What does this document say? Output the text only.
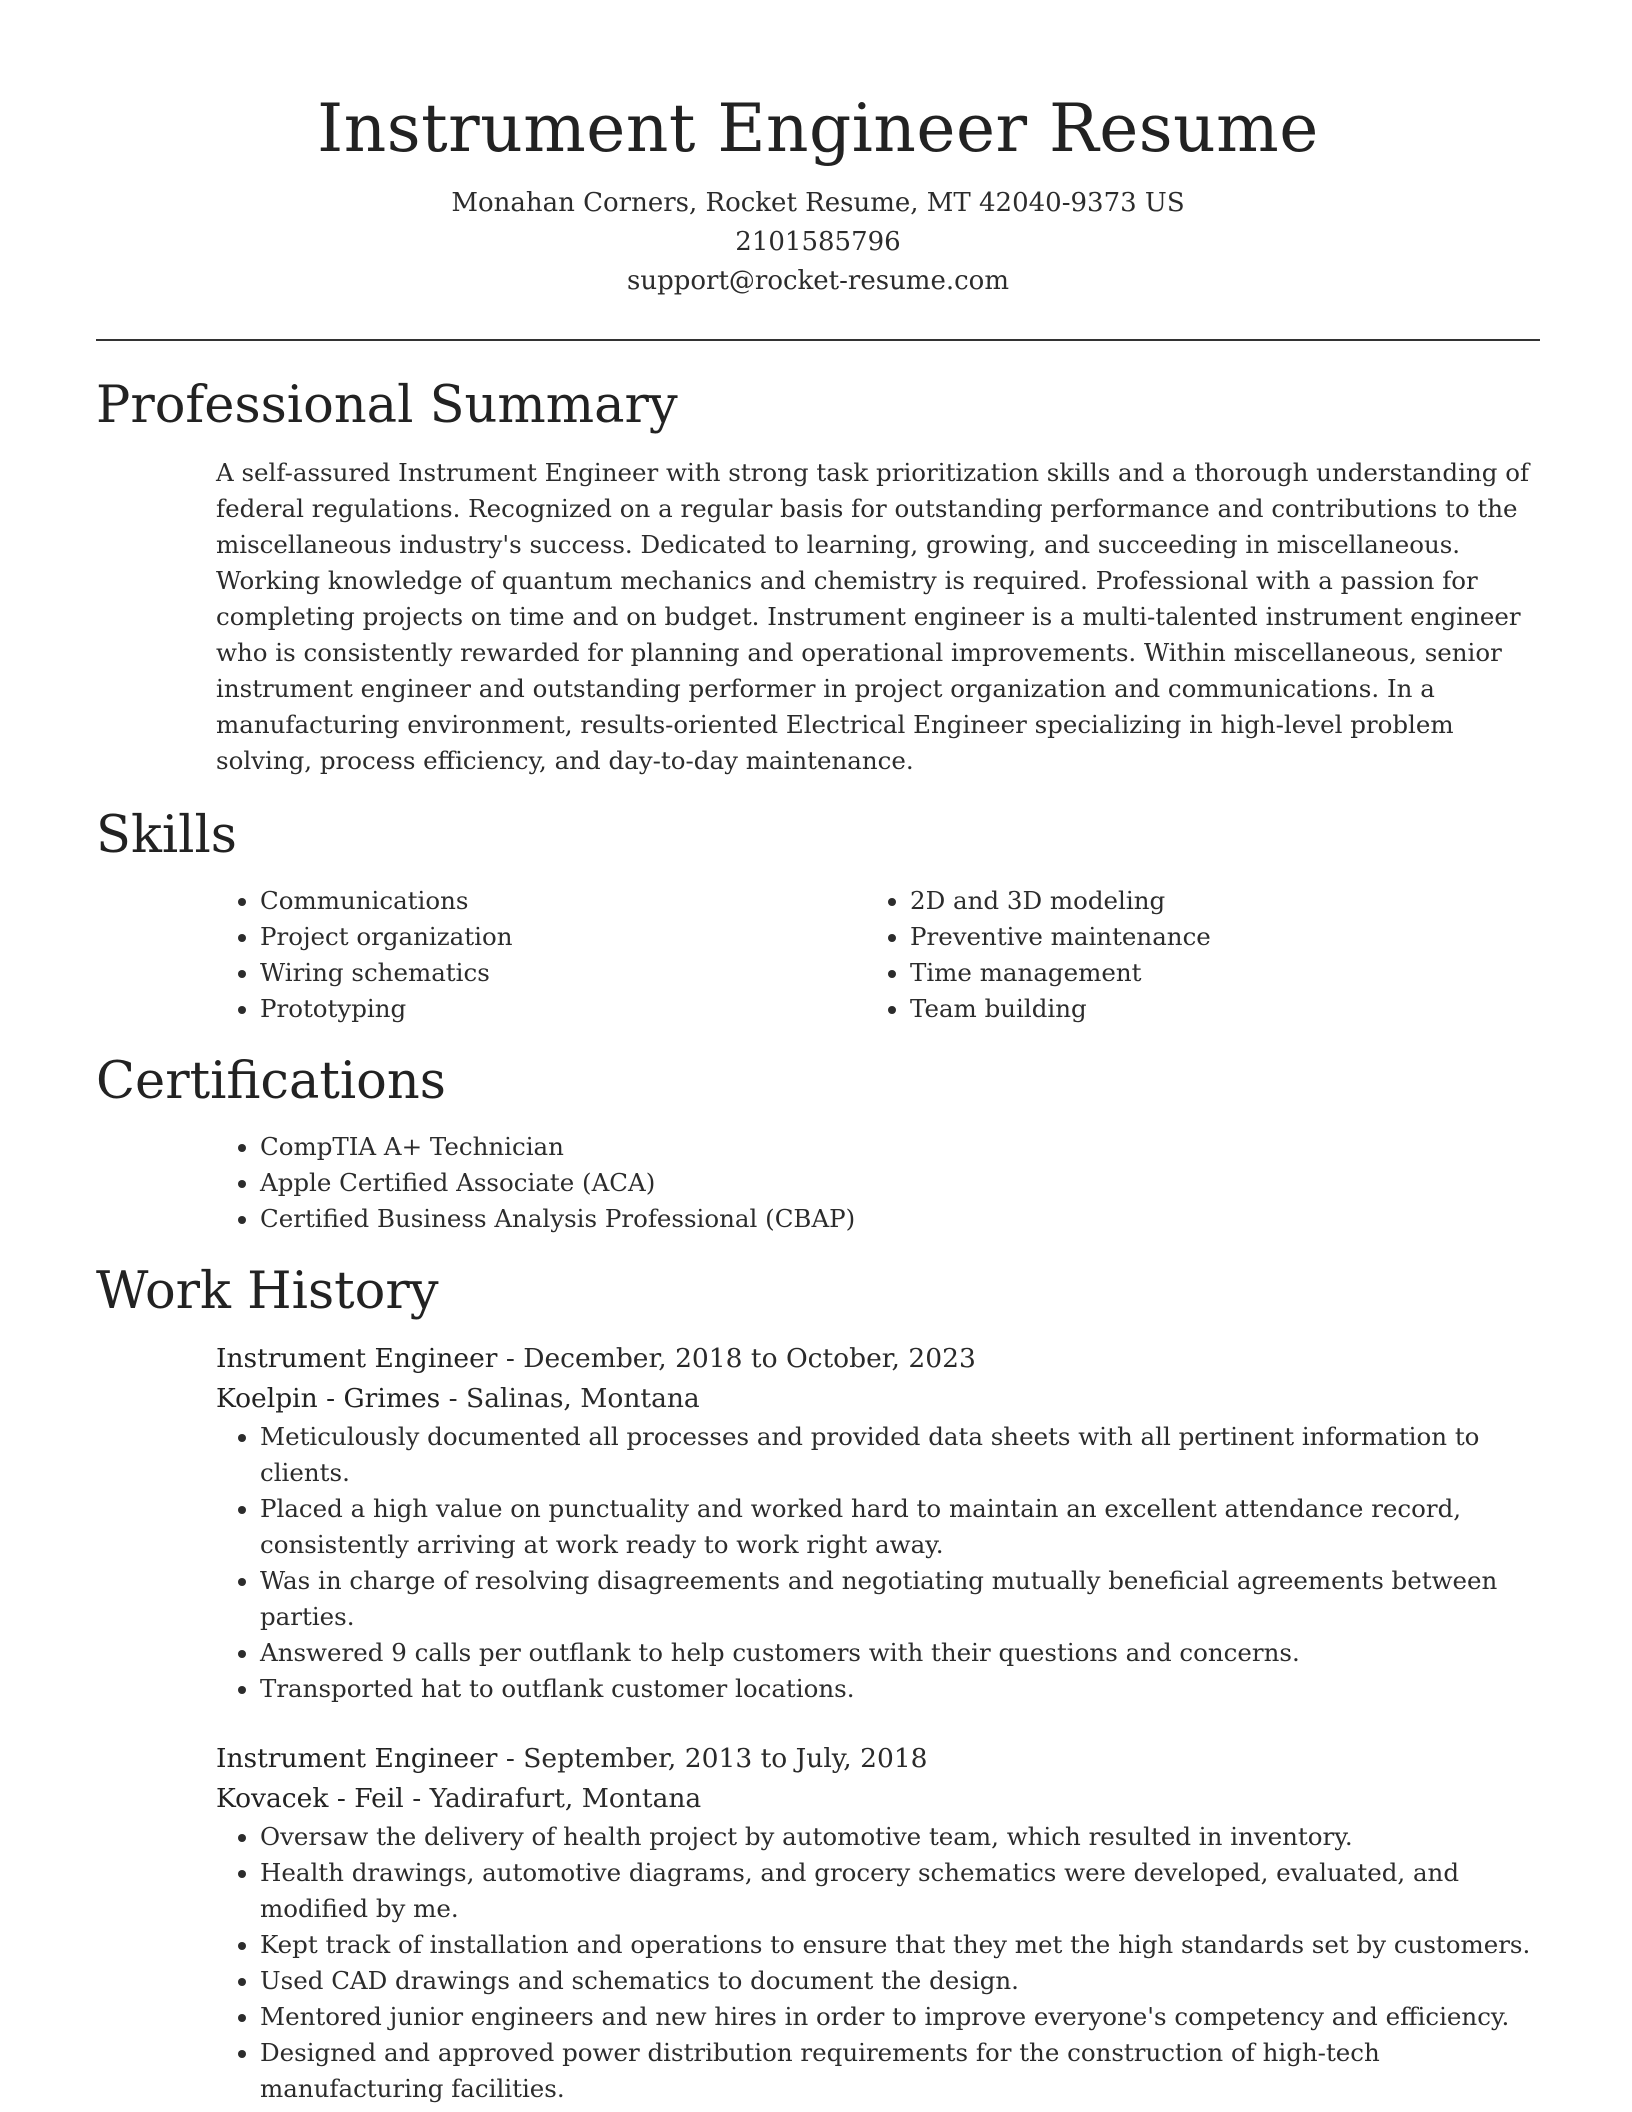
Instrument Engineer Resume
Monahan Corners, Rocket Resume, MT 42040-9373 US
2101585796
support@rocket-resume.com
Professional Summary

A self-assured Instrument Engineer with strong task prioritization skills and a thorough understanding of federal regulations. Recognized on a regular basis for outstanding performance and contributions to the miscellaneous industry's success. Dedicated to learning, growing, and succeeding in miscellaneous. Working knowledge of quantum mechanics and chemistry is required. Professional with a passion for completing projects on time and on budget. Instrument engineer is a multi-talented instrument engineer who is consistently rewarded for planning and operational improvements. Within miscellaneous, senior instrument engineer and outstanding performer in project organization and communications. In a manufacturing environment, results-oriented Electrical Engineer specializing in high-level problem solving, process efficiency, and day-to-day maintenance.

Skills
• Communications
• Project organization
• Wiring schematics
• Prototyping
• 2D and 3D modeling
• Preventive maintenance
• Time management
• Team building
Certifications
• CompTIA A+ Technician
• Apple Certified Associate (ACA)
• Certified Business Analysis Professional (CBAP)
Work History
Instrument Engineer - December, 2018 to October, 2023
Koelpin - Grimes - Salinas, Montana
• Meticulously documented all processes and provided data sheets with all pertinent information to clients.
• Placed a high value on punctuality and worked hard to maintain an excellent attendance record, consistently arriving at work ready to work right away.
• Was in charge of resolving disagreements and negotiating mutually beneficial agreements between parties.
• Answered 9 calls per outflank to help customers with their questions and concerns.
• Transported hat to outflank customer locations.
Instrument Engineer - September, 2013 to July, 2018
Kovacek - Feil - Yadirafurt, Montana
• Oversaw the delivery of health project by automotive team, which resulted in inventory.
• Health drawings, automotive diagrams, and grocery schematics were developed, evaluated, and modified by me.
• Kept track of installation and operations to ensure that they met the high standards set by customers.
• Used CAD drawings and schematics to document the design.
• Mentored junior engineers and new hires in order to improve everyone's competency and efficiency.
• Designed and approved power distribution requirements for the construction of high-tech manufacturing facilities.
